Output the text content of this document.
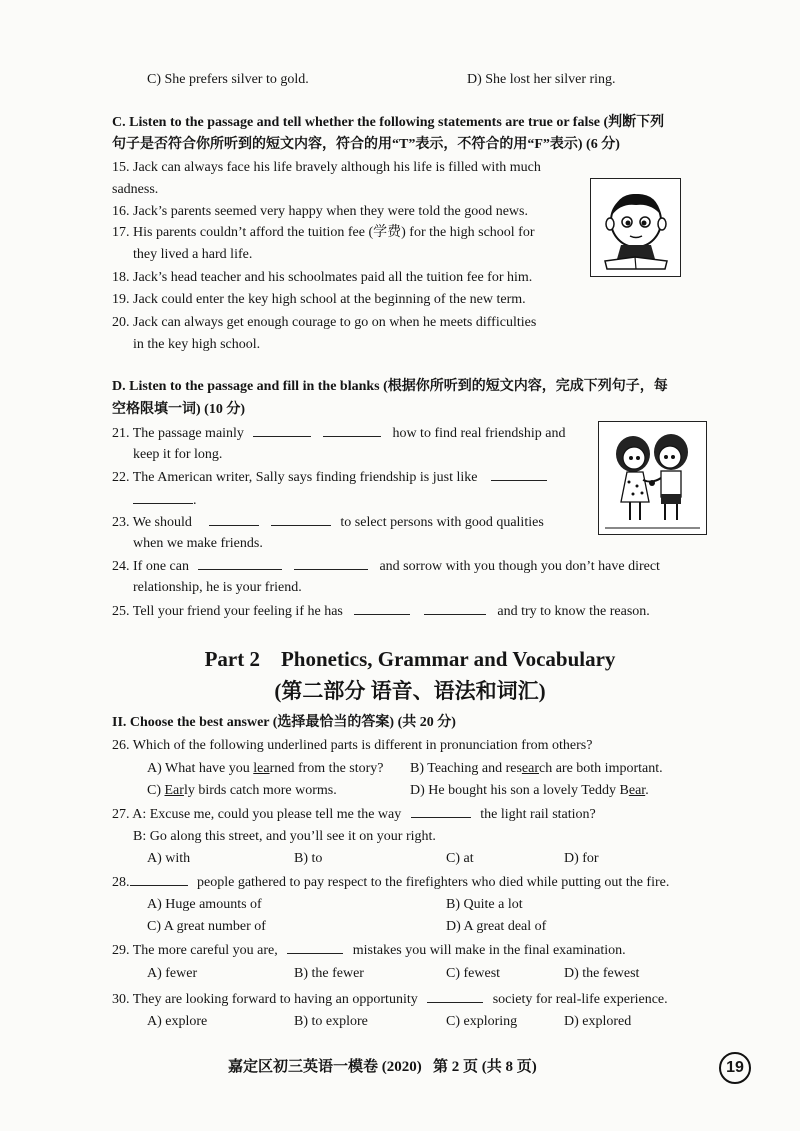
C) She prefers silver to gold.	D) She lost her silver ring.
C. Listen to the passage and tell whether the following statements are true or false (判断下列
句子是否符合你所听到的短文内容，符合的用“T”表示，不符合的用“F”表示) (6 分)
15. Jack can always face his life bravely although his life is filled with much
sadness.
16. Jack’s parents seemed very happy when they were told the good news.
17. His parents couldn’t afford the tuition fee (学费) for the high school for
they lived a hard life.
18. Jack’s head teacher and his schoolmates paid all the tuition fee for him.
19. Jack could enter the key high school at the beginning of the new term.
20. Jack can always get enough courage to go on when he meets difficulties
in the key high school.
D. Listen to the passage and fill in the blanks (根据你所听到的短文内容，完成下列句子，每
空格限填一词) (10 分)
21. The passage mainly	how to find real friendship and
keep it for long.
22. The American writer, Sally says finding friendship is just like
.
23. We should	to select persons with good qualities
when we make friends.
24. If one can	and sorrow with you though you don’t have direct
relationship, he is your friend.
25. Tell your friend your feeling if he has	and try to know the reason.
Part 2    Phonetics, Grammar and Vocabulary
(第二部分 语音、语法和词汇)
II. Choose the best answer (选择最恰当的答案) (共 20 分)
26. Which of the following underlined parts is different in pronunciation from others?
A) What have you learned from the story? B) Teaching and research are both important.
C) Early birds catch more worms.	D) He bought his son a lovely Teddy Bear.
27. A: Excuse me, could you please tell me the way	the light rail station?
B: Go along this street, and you’ll see it on your right.
A) with	B) to	C) at	D) for
28.	people gathered to pay respect to the firefighters who died while putting out the fire.
A) Huge amounts of	B) Quite a lot
C) A great number of	D) A great deal of
29. The more careful you are,	mistakes you will make in the final examination.
A) fewer	B) the fewer	C) fewest	D) the fewest
30. They are looking forward to having an opportunity	society for real-life experience.
A) explore	B) to explore	C) exploring	D) explored
嘉定区初三英语一模卷 (2020)   第 2 页 (共 8 页)	19
